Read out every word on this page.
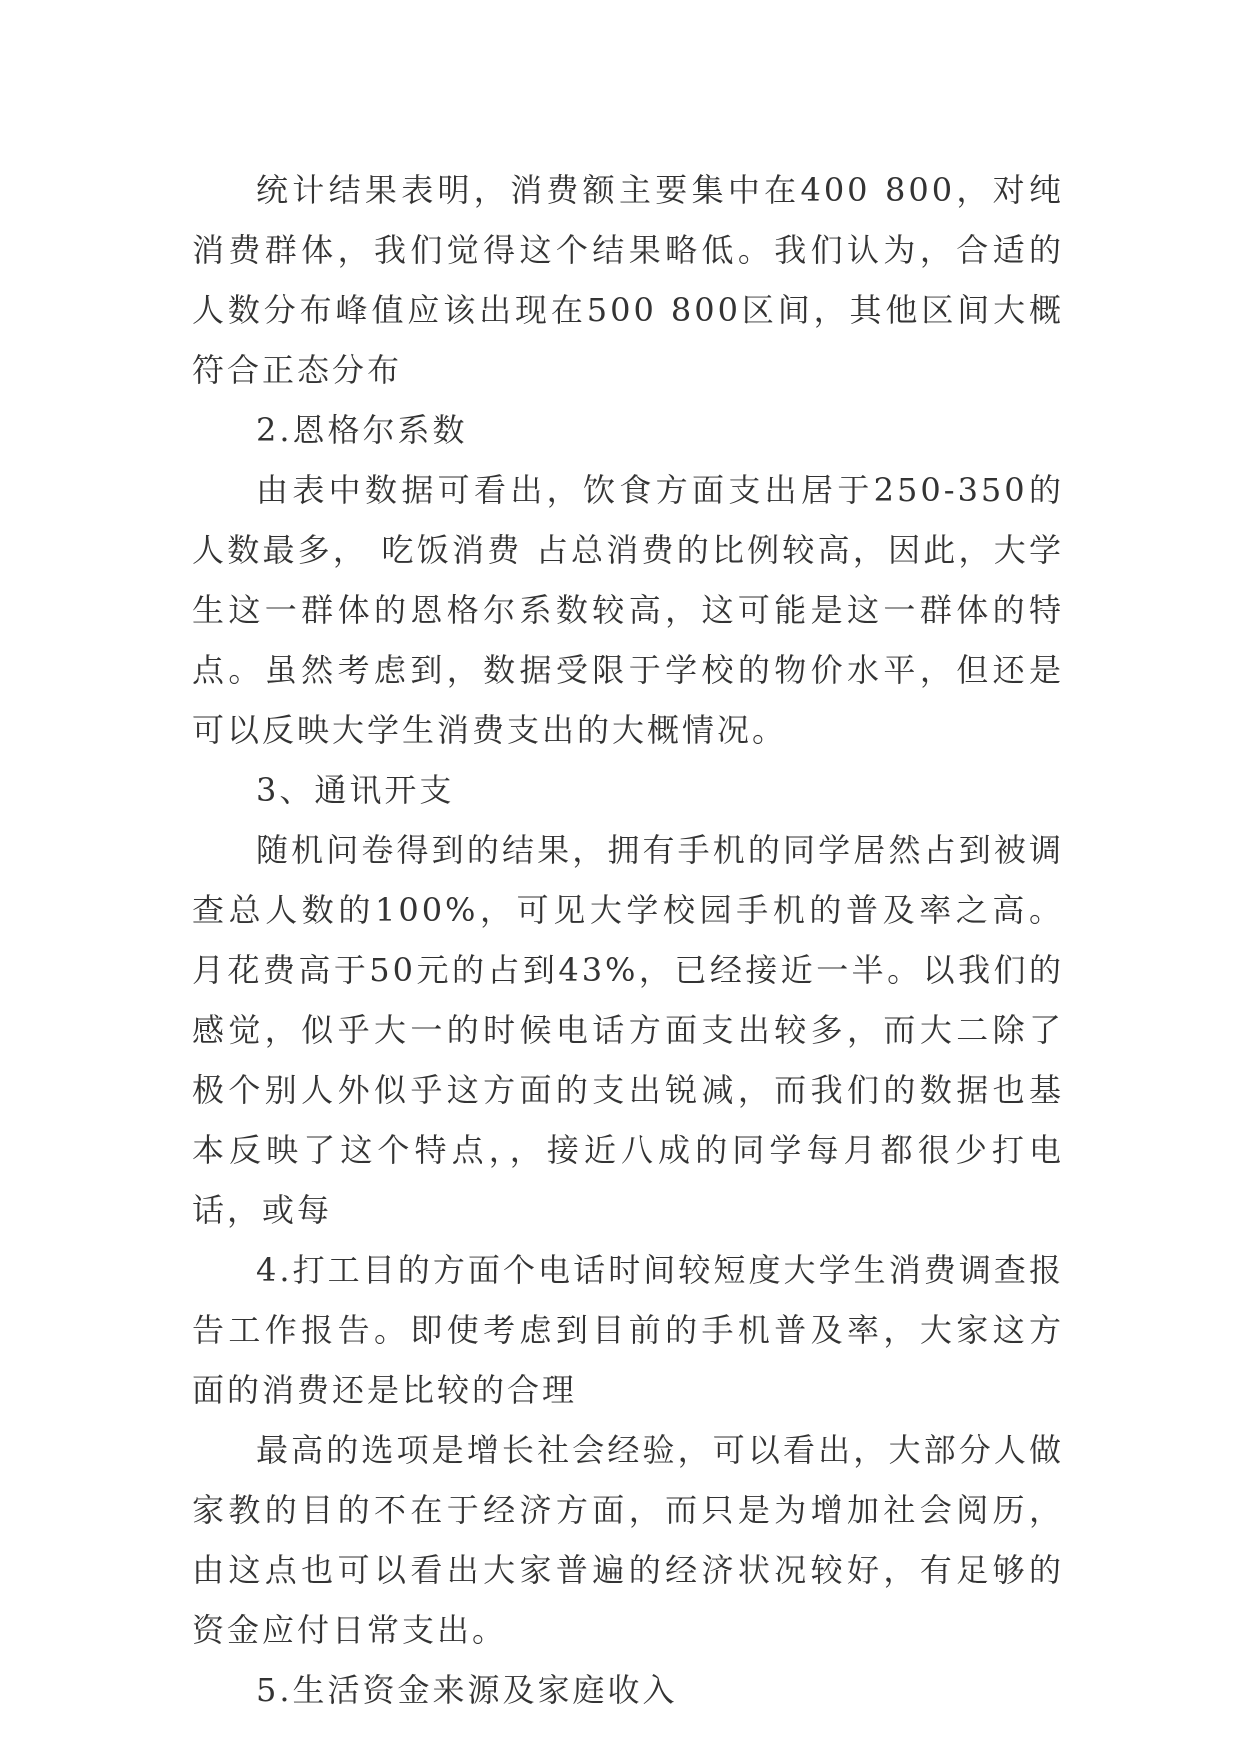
统计结果表明，消费额主要集中在400 800，对纯消费群体，我们觉得这个结果略低。我们认为，合适的人数分布峰值应该出现在500 800区间，其他区间大概符合正态分布

2.恩格尔系数

由表中数据可看出，饮食方面支出居于250-350的人数最多， 吃饭消费 占总消费的比例较高，因此，大学生这一群体的恩格尔系数较高，这可能是这一群体的特点。虽然考虑到，数据受限于学校的物价水平，但还是可以反映大学生消费支出的大概情况。

3、通讯开支

随机问卷得到的结果，拥有手机的同学居然占到被调查总人数的100%，可见大学校园手机的普及率之高。月花费高于50元的占到43%，已经接近一半。以我们的感觉，似乎大一的时候电话方面支出较多，而大二除了极个别人外似乎这方面的支出锐减，而我们的数据也基本反映了这个特点，，接近八成的同学每月都很少打电话，或每

4.打工目的方面个电话时间较短度大学生消费调查报告工作报告。即使考虑到目前的手机普及率，大家这方面的消费还是比较的合理

最高的选项是增长社会经验，可以看出，大部分人做家教的目的不在于经济方面，而只是为增加社会阅历，由这点也可以看出大家普遍的经济状况较好，有足够的资金应付日常支出。

5.生活资金来源及家庭收入
